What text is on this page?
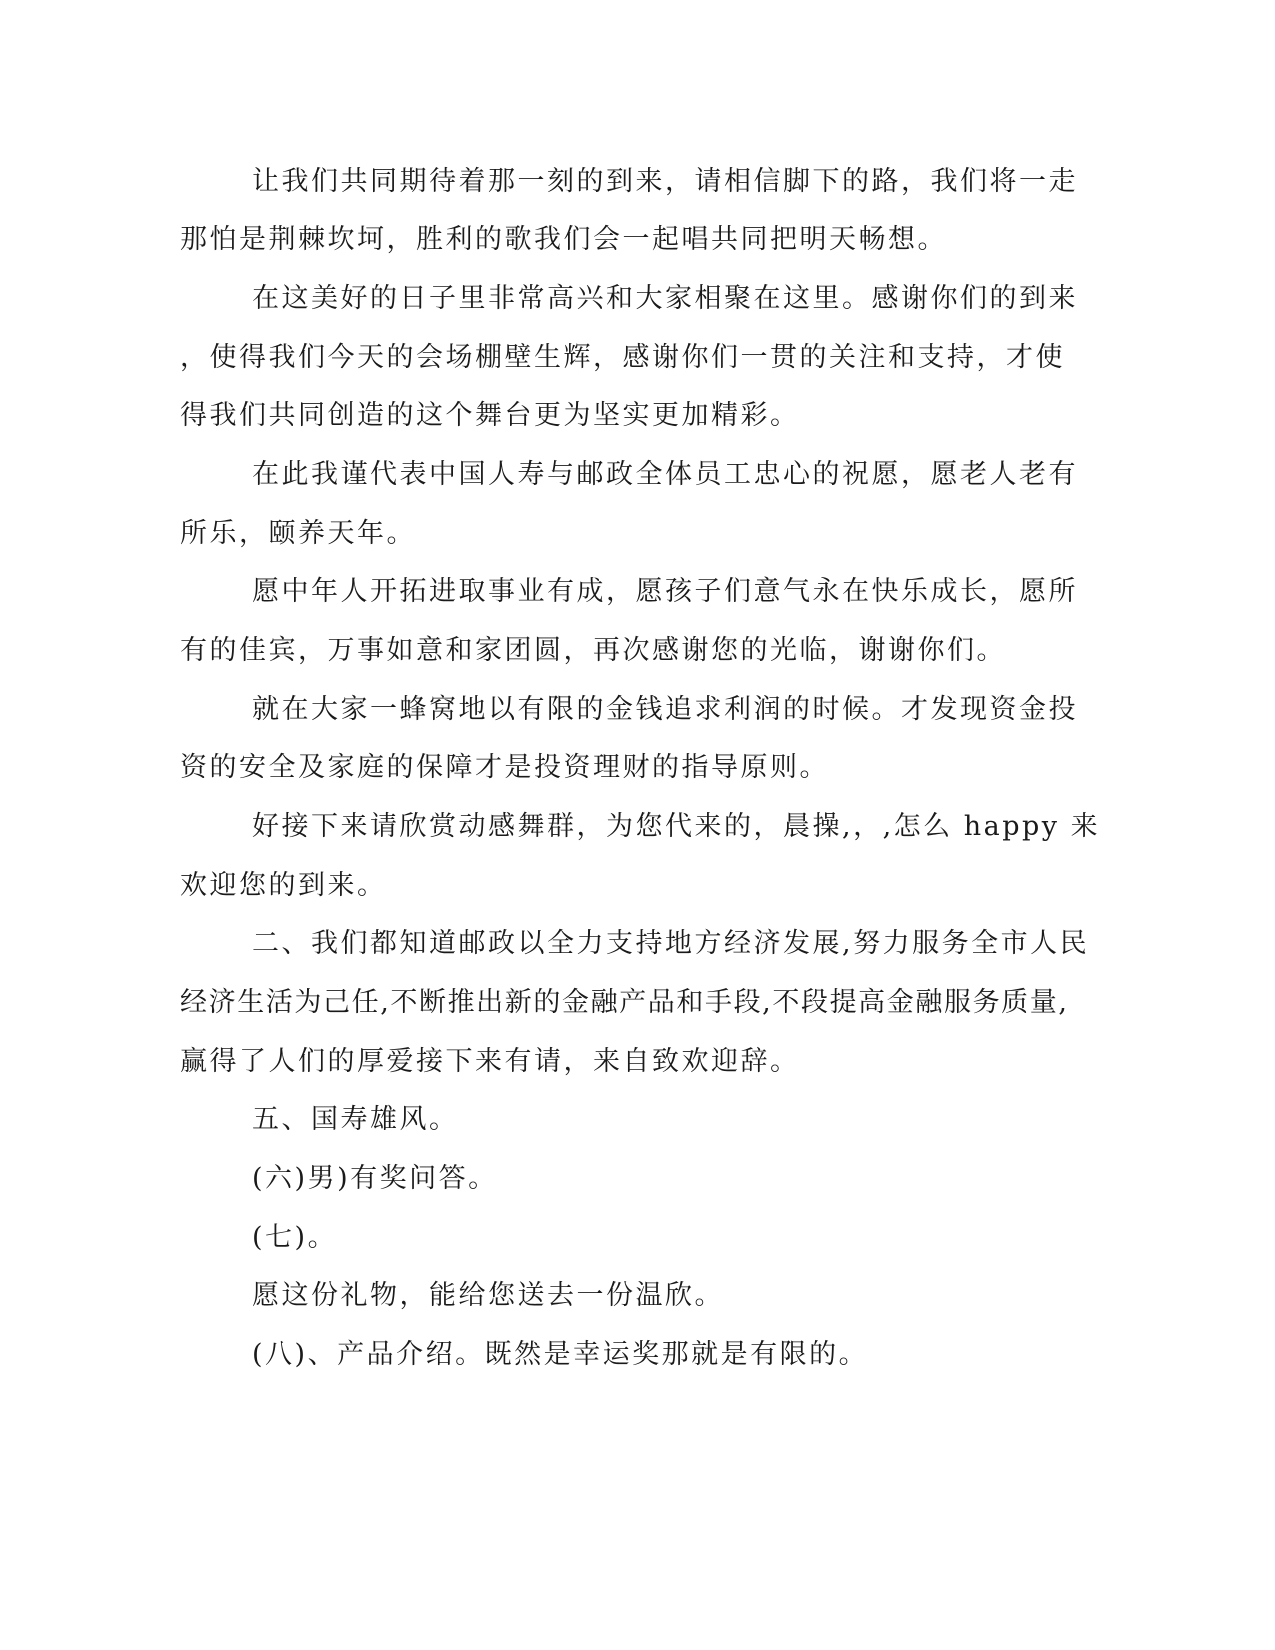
让我们共同期待着那一刻的到来，请相信脚下的路，我们将一走

那怕是荆棘坎坷，胜利的歌我们会一起唱共同把明天畅想。

在这美好的日子里非常高兴和大家相聚在这里。感谢你们的到来

，使得我们今天的会场棚壁生辉，感谢你们一贯的关注和支持，才使

得我们共同创造的这个舞台更为坚实更加精彩。

在此我谨代表中国人寿与邮政全体员工忠心的祝愿，愿老人老有

所乐，颐养天年。

愿中年人开拓进取事业有成，愿孩子们意气永在快乐成长，愿所

有的佳宾，万事如意和家团圆，再次感谢您的光临，谢谢你们。

就在大家一蜂窝地以有限的金钱追求利润的时候。才发现资金投

资的安全及家庭的保障才是投资理财的指导原则。

好接下来请欣赏动感舞群，为您代来的，晨操,，,怎么 happy 来

欢迎您的到来。

二、我们都知道邮政以全力支持地方经济发展,努力服务全市人民

经济生活为己任,不断推出新的金融产品和手段,不段提高金融服务质量,

赢得了人们的厚爱接下来有请，来自致欢迎辞。

五、国寿雄风。

(六)男)有奖问答。

(七)。

愿这份礼物，能给您送去一份温欣。

(八)、产品介绍。既然是幸运奖那就是有限的。
